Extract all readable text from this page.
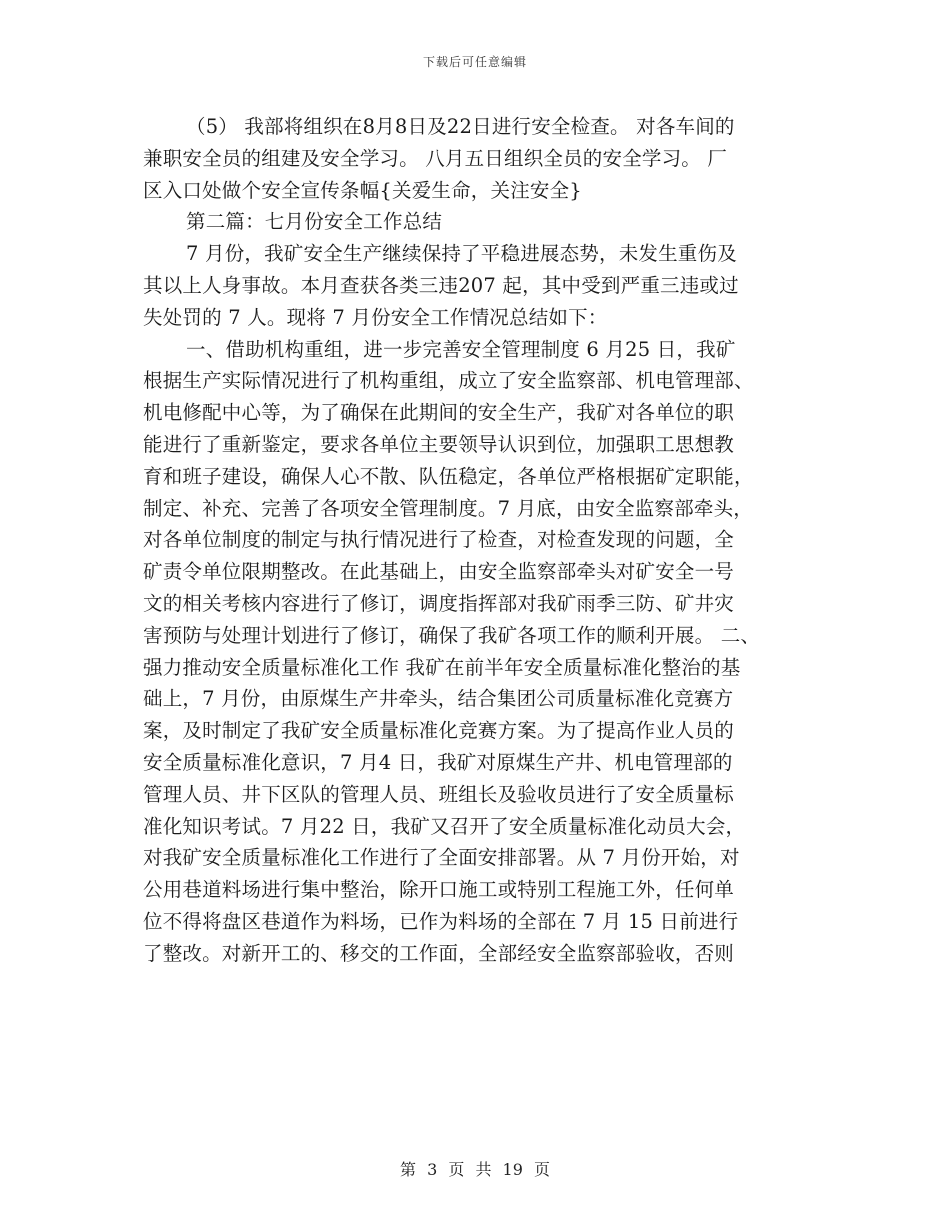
下载后可任意编辑
（5） 我部将组织在8月8日及22日进行安全检查。 对各车间的
兼职安全员的组建及安全学习。 八月五日组织全员的安全学习。 厂
区入口处做个安全宣传条幅{关爱生命，关注安全}
第二篇：七月份安全工作总结
7 月份，我矿安全生产继续保持了平稳进展态势，未发生重伤及
其以上人身事故。本月查获各类三违207 起，其中受到严重三违或过
失处罚的 7 人。现将 7 月份安全工作情况总结如下：
一、借助机构重组，进一步完善安全管理制度 6 月25 日，我矿
根据生产实际情况进行了机构重组，成立了安全监察部、机电管理部、
机电修配中心等，为了确保在此期间的安全生产，我矿对各单位的职
能进行了重新鉴定，要求各单位主要领导认识到位，加强职工思想教
育和班子建设，确保人心不散、队伍稳定，各单位严格根据矿定职能，
制定、补充、完善了各项安全管理制度。7 月底，由安全监察部牵头，
对各单位制度的制定与执行情况进行了检查，对检查发现的问题，全
矿责令单位限期整改。在此基础上，由安全监察部牵头对矿安全一号
文的相关考核内容进行了修订，调度指挥部对我矿雨季三防、矿井灾
害预防与处理计划进行了修订，确保了我矿各项工作的顺利开展。 二、
强力推动安全质量标准化工作 我矿在前半年安全质量标准化整治的基
础上，7 月份，由原煤生产井牵头，结合集团公司质量标准化竞赛方
案，及时制定了我矿安全质量标准化竞赛方案。为了提高作业人员的
安全质量标准化意识，7 月4 日，我矿对原煤生产井、机电管理部的
管理人员、井下区队的管理人员、班组长及验收员进行了安全质量标
准化知识考试。7 月22 日，我矿又召开了安全质量标准化动员大会，
对我矿安全质量标准化工作进行了全面安排部署。从 7 月份开始，对
公用巷道料场进行集中整治，除开口施工或特别工程施工外，任何单
位不得将盘区巷道作为料场，已作为料场的全部在 7 月 15 日前进行
了整改。对新开工的、移交的工作面，全部经安全监察部验收，否则
第 3 页 共 19 页
